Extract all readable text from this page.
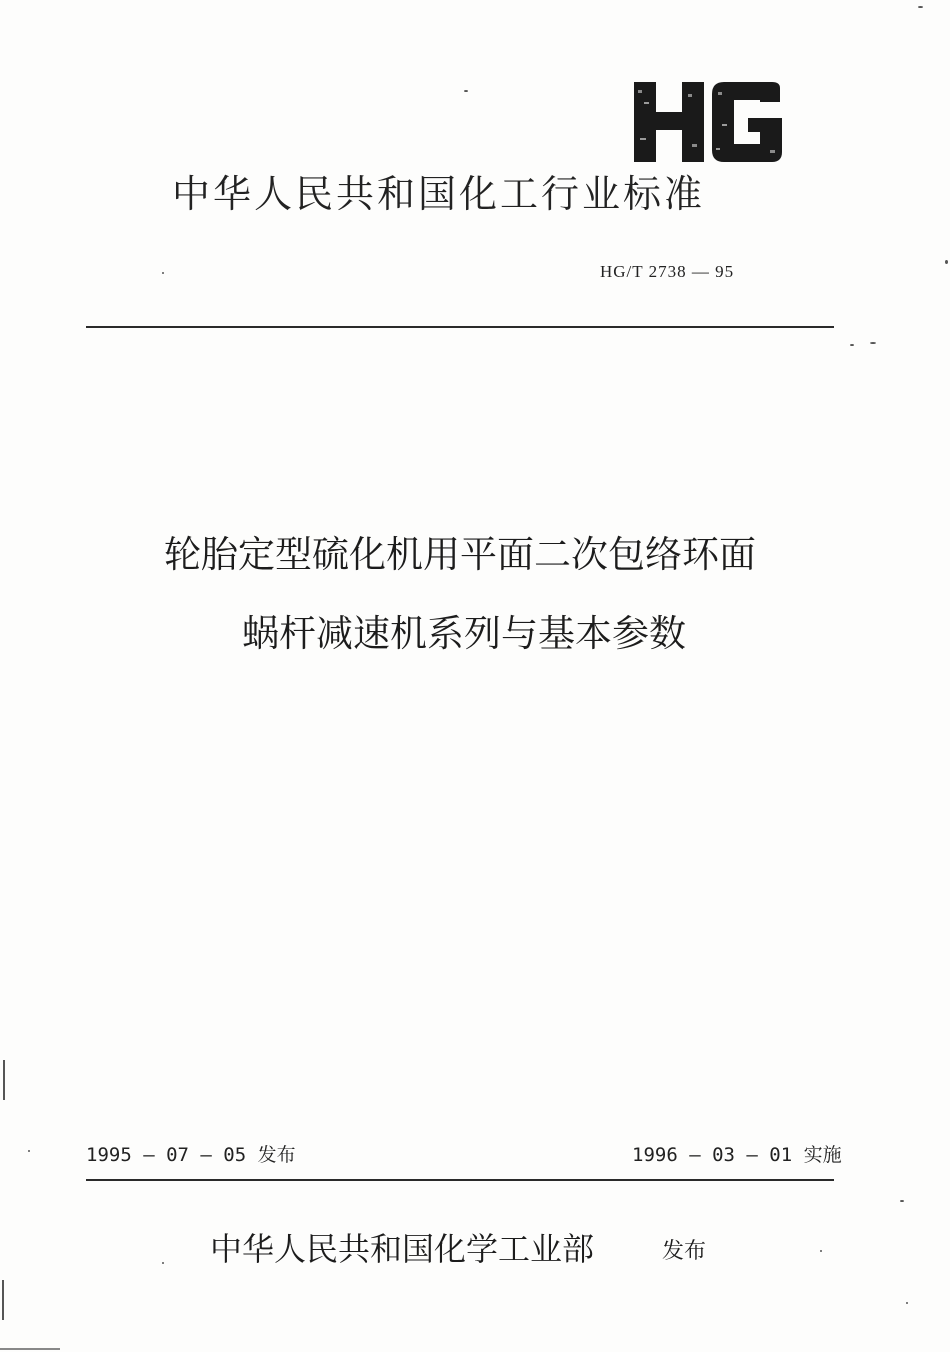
中华人民共和国化工行业标准
HG/T 2738 — 95
轮胎定型硫化机用平面二次包络环面
蜗杆减速机系列与基本参数
1995 — 07 — 05 发布	1996 — 03 — 01 实施
中华人民共和国化学工业部	发布
